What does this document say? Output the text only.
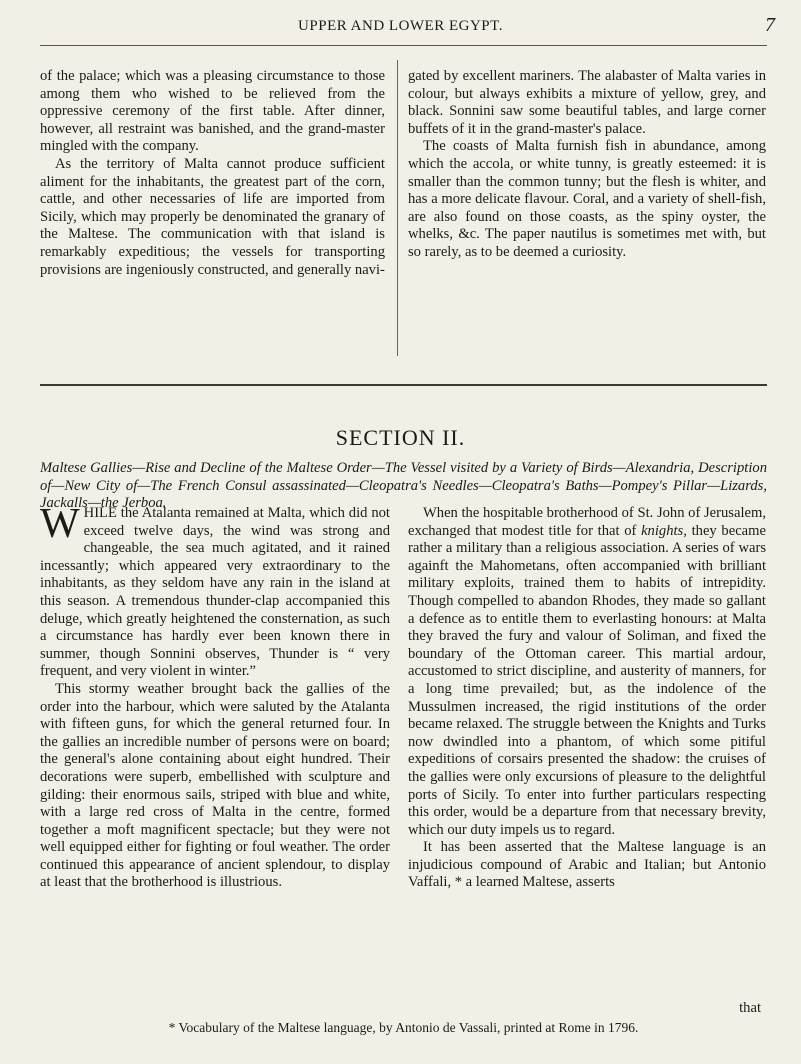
UPPER AND LOWER EGYPT.	7

of the palace; which was a pleasing circumstance to those among them who wished to be relieved from the oppressive ceremony of the first table. After dinner, however, all restraint was banished, and the grand-master mingled with the company.

As the territory of Malta cannot produce sufficient aliment for the inhabitants, the greatest part of the corn, cattle, and other necessaries of life are imported from Sicily, which may properly be denominated the granary of the Maltese. The communication with that island is remarkably expeditious; the vessels for transporting provisions are ingeniously constructed, and generally navi-

gated by excellent mariners. The alabaster of Malta varies in colour, but always exhibits a mixture of yellow, grey, and black. Sonnini saw some beautiful tables, and large corner buffets of it in the grand-master's palace.

The coasts of Malta furnish fish in abundance, among which the accola, or white tunny, is greatly esteemed: it is smaller than the common tunny; but the flesh is whiter, and has a more delicate flavour. Coral, and a variety of shell-fish, are also found on those coasts, as the spiny oyster, the whelks, &c. The paper nautilus is sometimes met with, but so rarely, as to be deemed a curiosity.

SECTION II.
Maltese Gallies—Rise and Decline of the Maltese Order—The Vessel visited by a Variety of Birds—Alexandria, Description of—New City of—The French Consul assassinated—Cleopatra's Needles—Cleopatra's Baths—Pompey's Pillar—Lizards, Jackalls—the Jerboa.

WHILE the Atalanta remained at Malta, which did not exceed twelve days, the wind was strong and changeable, the sea much agitated, and it rained incessantly; which appeared very extraordinary to the inhabitants, as they seldom have any rain in the island at this season. A tremendous thunder-clap accompanied this deluge, which greatly heightened the consternation, as such a circumstance has hardly ever been known there in summer, though Sonnini observes, Thunder is “ very frequent, and very violent in winter.”

This stormy weather brought back the gallies of the order into the harbour, which were saluted by the Atalanta with fifteen guns, for which the general returned four. In the gallies an incredible number of persons were on board; the general's alone containing about eight hundred. Their decorations were superb, embellished with sculpture and gilding: their enormous sails, striped with blue and white, with a large red cross of Malta in the centre, formed together a moft magnificent spectacle; but they were not well equipped either for fighting or foul weather. The order continued this appearance of ancient splendour, to display at least that the brotherhood is illustrious.

When the hospitable brotherhood of St. John of Jerusalem, exchanged that modest title for that of knights, they became rather a military than a religious association. A series of wars againft the Mahometans, often accompanied with brilliant military exploits, trained them to habits of intrepidity. Though compelled to abandon Rhodes, they made so gallant a defence as to entitle them to everlasting honours: at Malta they braved the fury and valour of Soliman, and fixed the boundary of the Ottoman career. This martial ardour, accustomed to strict discipline, and austerity of manners, for a long time prevailed; but, as the indolence of the Mussulmen increased, the rigid institutions of the order became relaxed. The struggle between the Knights and Turks now dwindled into a phantom, of which some pitiful expeditions of corsairs presented the shadow: the cruises of the gallies were only excursions of pleasure to the delightful ports of Sicily. To enter into further particulars respecting this order, would be a departure from that necessary brevity, which our duty impels us to regard.

It has been asserted that the Maltese language is an injudicious compound of Arabic and Italian; but Antonio Vaffali, * a learned Maltese, asserts

that
* Vocabulary of the Maltese language, by Antonio de Vassali, printed at Rome in 1796.
